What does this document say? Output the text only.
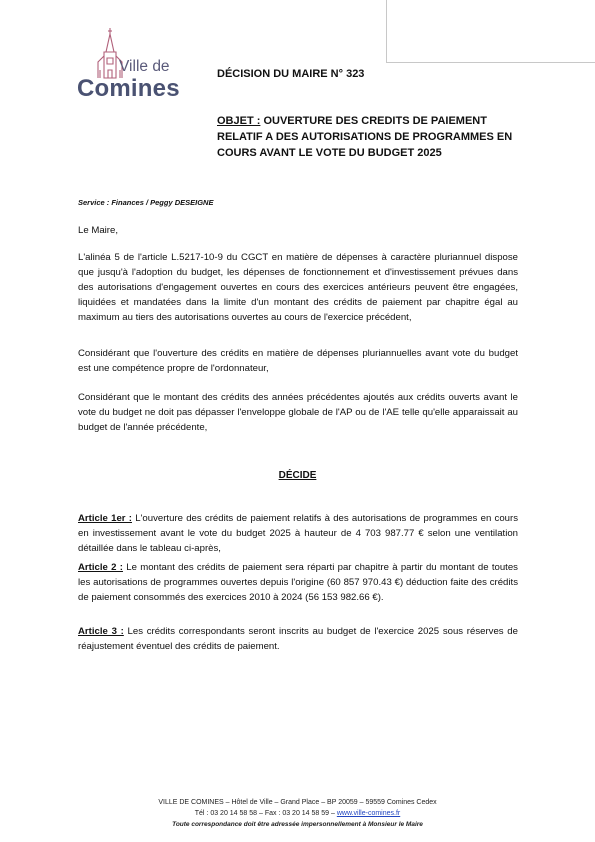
Ville de
Comines
DÉCISION DU MAIRE N° 323
OBJET : OUVERTURE DES CREDITS DE PAIEMENT RELATIF A DES AUTORISATIONS DE PROGRAMMES EN COURS AVANT LE VOTE DU BUDGET 2025
Service : Finances / Peggy DESEIGNE
Le Maire,
L'alinéa 5 de l'article L.5217-10-9 du CGCT en matière de dépenses à caractère pluriannuel dispose que jusqu'à l'adoption du budget, les dépenses de fonctionnement et d'investissement prévues dans des autorisations d'engagement ouvertes en cours des exercices antérieurs peuvent être engagées, liquidées et mandatées dans la limite d'un montant des crédits de paiement par chapitre égal au maximum au tiers des autorisations ouvertes au cours de l'exercice précédent,
Considérant que l'ouverture des crédits en matière de dépenses pluriannuelles avant vote du budget est une compétence propre de l'ordonnateur,
Considérant que le montant des crédits des années précédentes ajoutés aux crédits ouverts avant le vote du budget ne doit pas dépasser l'enveloppe globale de l'AP ou de l'AE telle qu'elle apparaissait au budget de l'année précédente,
DÉCIDE
Article 1er : L'ouverture des crédits de paiement relatifs à des autorisations de programmes en cours en investissement avant le vote du budget 2025 à hauteur de 4 703 987.77 € selon une ventilation détaillée dans le tableau ci-après,
Article 2 : Le montant des crédits de paiement sera réparti par chapitre à partir du montant de toutes les autorisations de programmes ouvertes depuis l'origine (60 857 970.43 €) déduction faite des crédits de paiement consommés des exercices 2010 à 2024 (56 153 982.66 €).
Article 3 : Les crédits correspondants seront inscrits au budget de l'exercice 2025 sous réserves de réajustement éventuel des crédits de paiement.
VILLE DE COMINES – Hôtel de Ville – Grand Place – BP 20059 – 59559 Comines Cedex
Tél : 03 20 14 58 58 – Fax : 03 20 14 58 59 – www.ville-comines.fr
Toute correspondance doit être adressée impersonnellement à Monsieur le Maire
